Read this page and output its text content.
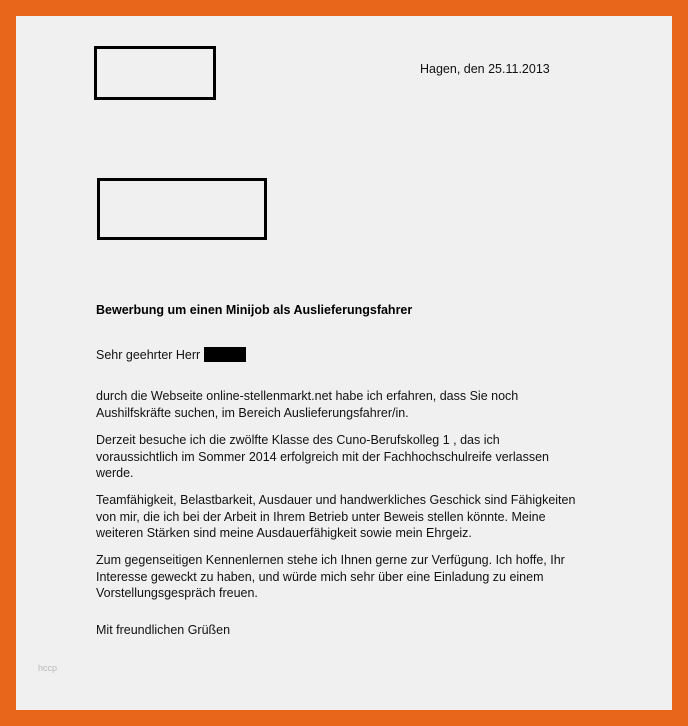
Hagen, den 25.11.2013
Bewerbung um einen Minijob als Auslieferungsfahrer
Sehr geehrter Herr
durch die Webseite online-stellenmarkt.net habe ich erfahren, dass Sie noch Aushilfskräfte suchen, im Bereich Auslieferungsfahrer/in.
Derzeit besuche ich die zwölfte Klasse des Cuno-Berufskolleg 1 , das ich voraussichtlich im Sommer 2014 erfolgreich mit der Fachhochschulreife verlassen werde.
Teamfähigkeit, Belastbarkeit, Ausdauer und handwerkliches Geschick sind Fähigkeiten von mir, die ich bei der Arbeit in Ihrem Betrieb unter Beweis stellen könnte. Meine weiteren Stärken sind meine Ausdauerfähigkeit sowie mein Ehrgeiz.
Zum gegenseitigen Kennenlernen stehe ich Ihnen gerne zur Verfügung. Ich hoffe, Ihr Interesse geweckt zu haben, und würde mich sehr über eine Einladung zu einem Vorstellungsgespräch freuen.
Mit freundlichen Grüßen
hccp
